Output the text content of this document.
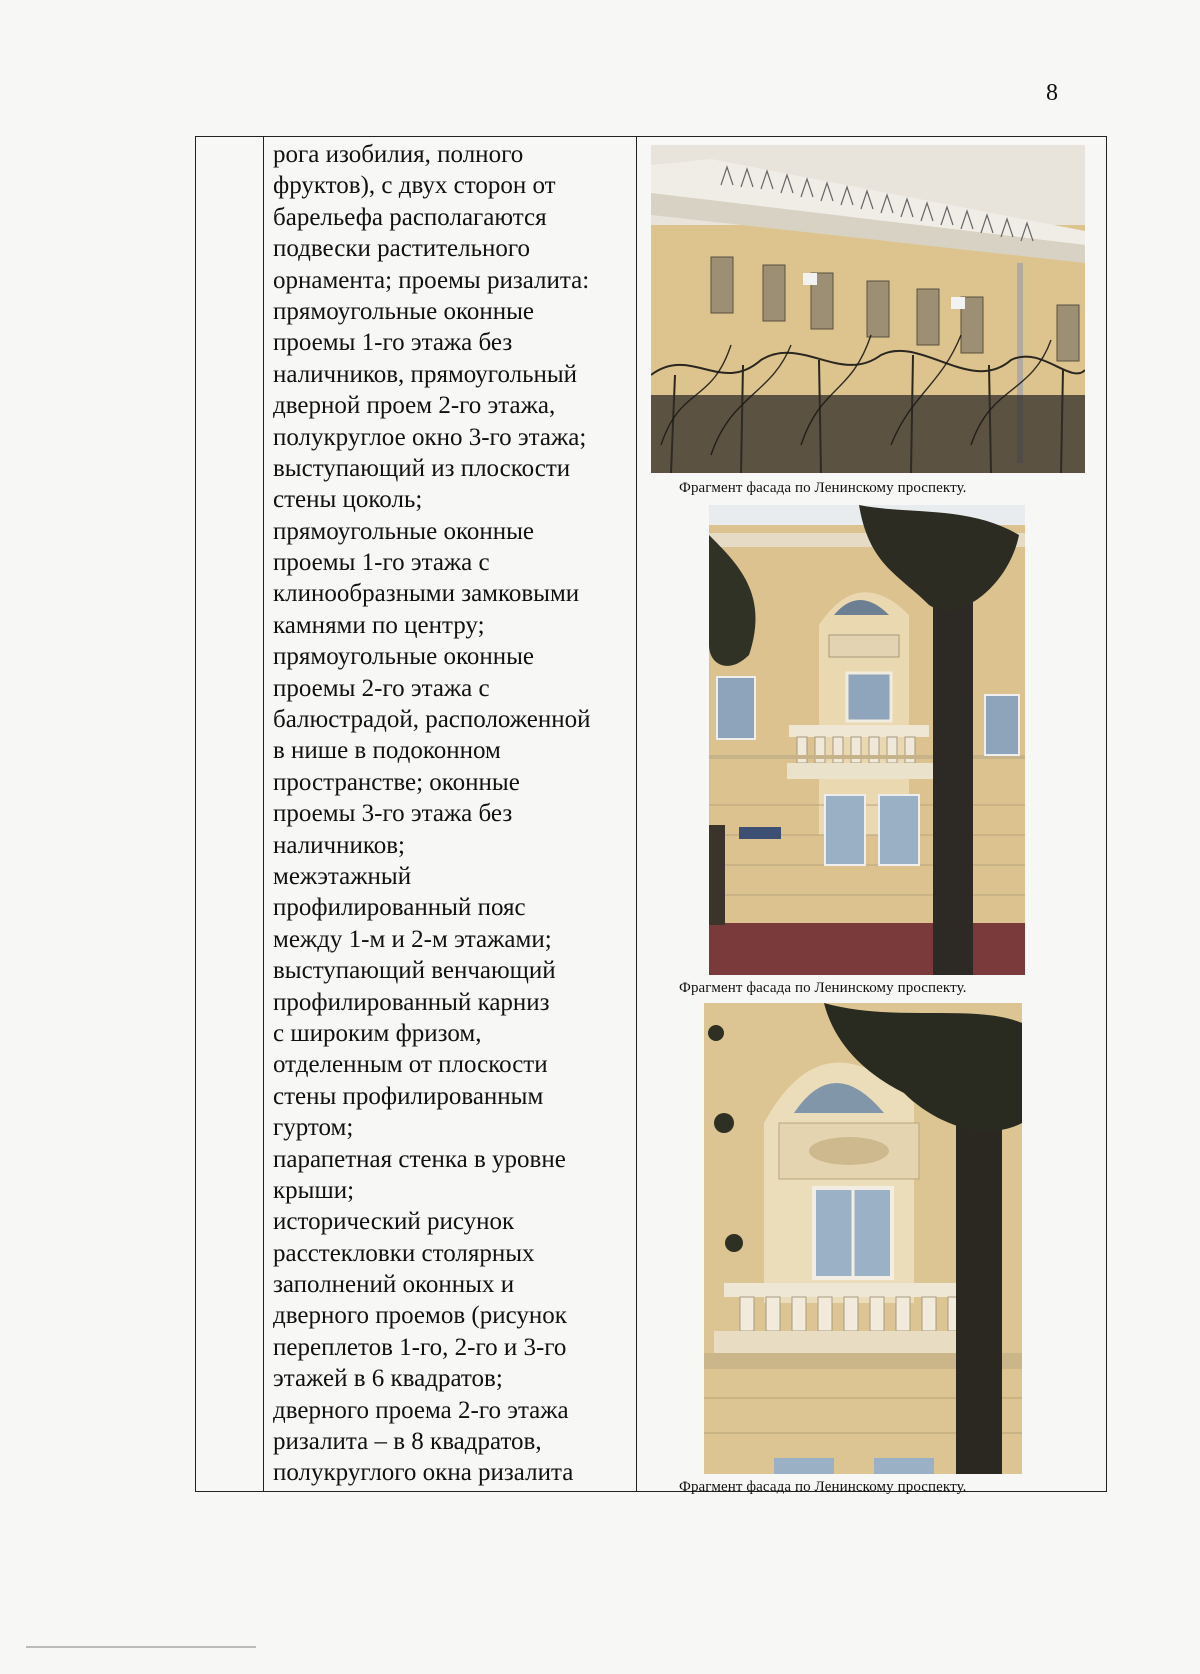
8

рога изобилия, полного
фруктов), с двух сторон от
барельефа располагаются
подвески растительного
орнамента; проемы ризалита:
прямоугольные оконные
проемы 1-го этажа без
наличников, прямоугольный
дверной проем 2-го этажа,
полукруглое окно 3-го этажа;
выступающий из плоскости
стены цоколь;
прямоугольные оконные
проемы 1-го этажа с
клинообразными замковыми
камнями по центру;
прямоугольные оконные
проемы 2-го этажа с
балюстрадой, расположенной
в нише в подоконном
пространстве; оконные
проемы 3-го этажа без
наличников;
межэтажный
профилированный пояс
между 1-м и 2-м этажами;
выступающий венчающий
профилированный карниз
с широким фризом,
отделенным от плоскости
стены профилированным
гуртом;
парапетная стенка в уровне
крыши;
исторический рисунок
расстекловки столярных
заполнений оконных и
дверного проемов (рисунок
переплетов 1-го, 2-го и 3-го
этажей в 6 квадратов;
дверного проема 2-го этажа
ризалита – в 8 квадратов,
полукруглого окна ризалита

Фрагмент фасада по Ленинскому проспекту.
Фрагмент фасада по Ленинскому проспекту.
Фрагмент фасада по Ленинскому проспекту.
